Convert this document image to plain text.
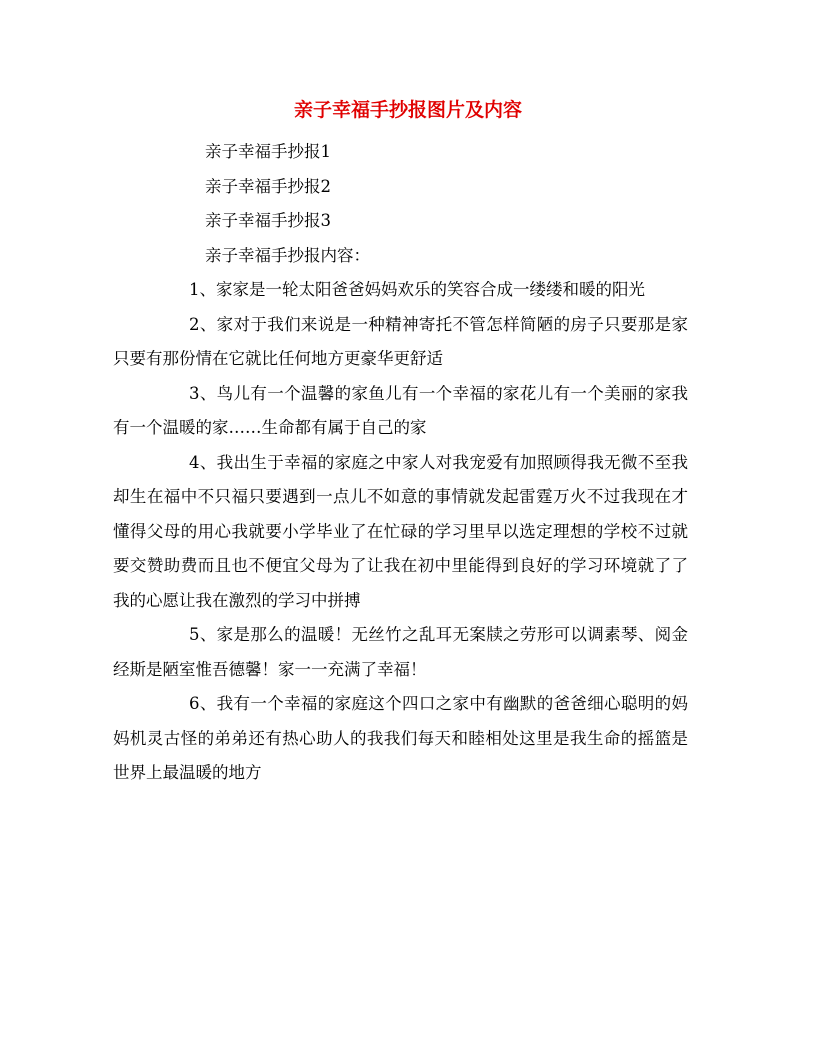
亲子幸福手抄报图片及内容

亲子幸福手抄报1

亲子幸福手抄报2

亲子幸福手抄报3

亲子幸福手抄报内容：

1、家家是一轮太阳爸爸妈妈欢乐的笑容合成一缕缕和暖的阳光

2、家对于我们来说是一种精神寄托不管怎样简陋的房子只要那是家只要有那份情在它就比任何地方更豪华更舒适

3、鸟儿有一个温馨的家鱼儿有一个幸福的家花儿有一个美丽的家我有一个温暖的家……生命都有属于自己的家

4、我出生于幸福的家庭之中家人对我宠爱有加照顾得我无微不至我却生在福中不只福只要遇到一点儿不如意的事情就发起雷霆万火不过我现在才懂得父母的用心我就要小学毕业了在忙碌的学习里早以选定理想的学校不过就要交赞助费而且也不便宜父母为了让我在初中里能得到良好的学习环境就了了我的心愿让我在激烈的学习中拼搏

5、家是那么的温暖！无丝竹之乱耳无案牍之劳形可以调素琴、阅金经斯是陋室惟吾德馨！家一一充满了幸福！

6、我有一个幸福的家庭这个四口之家中有幽默的爸爸细心聪明的妈妈机灵古怪的弟弟还有热心助人的我我们每天和睦相处这里是我生命的摇篮是世界上最温暖的地方
